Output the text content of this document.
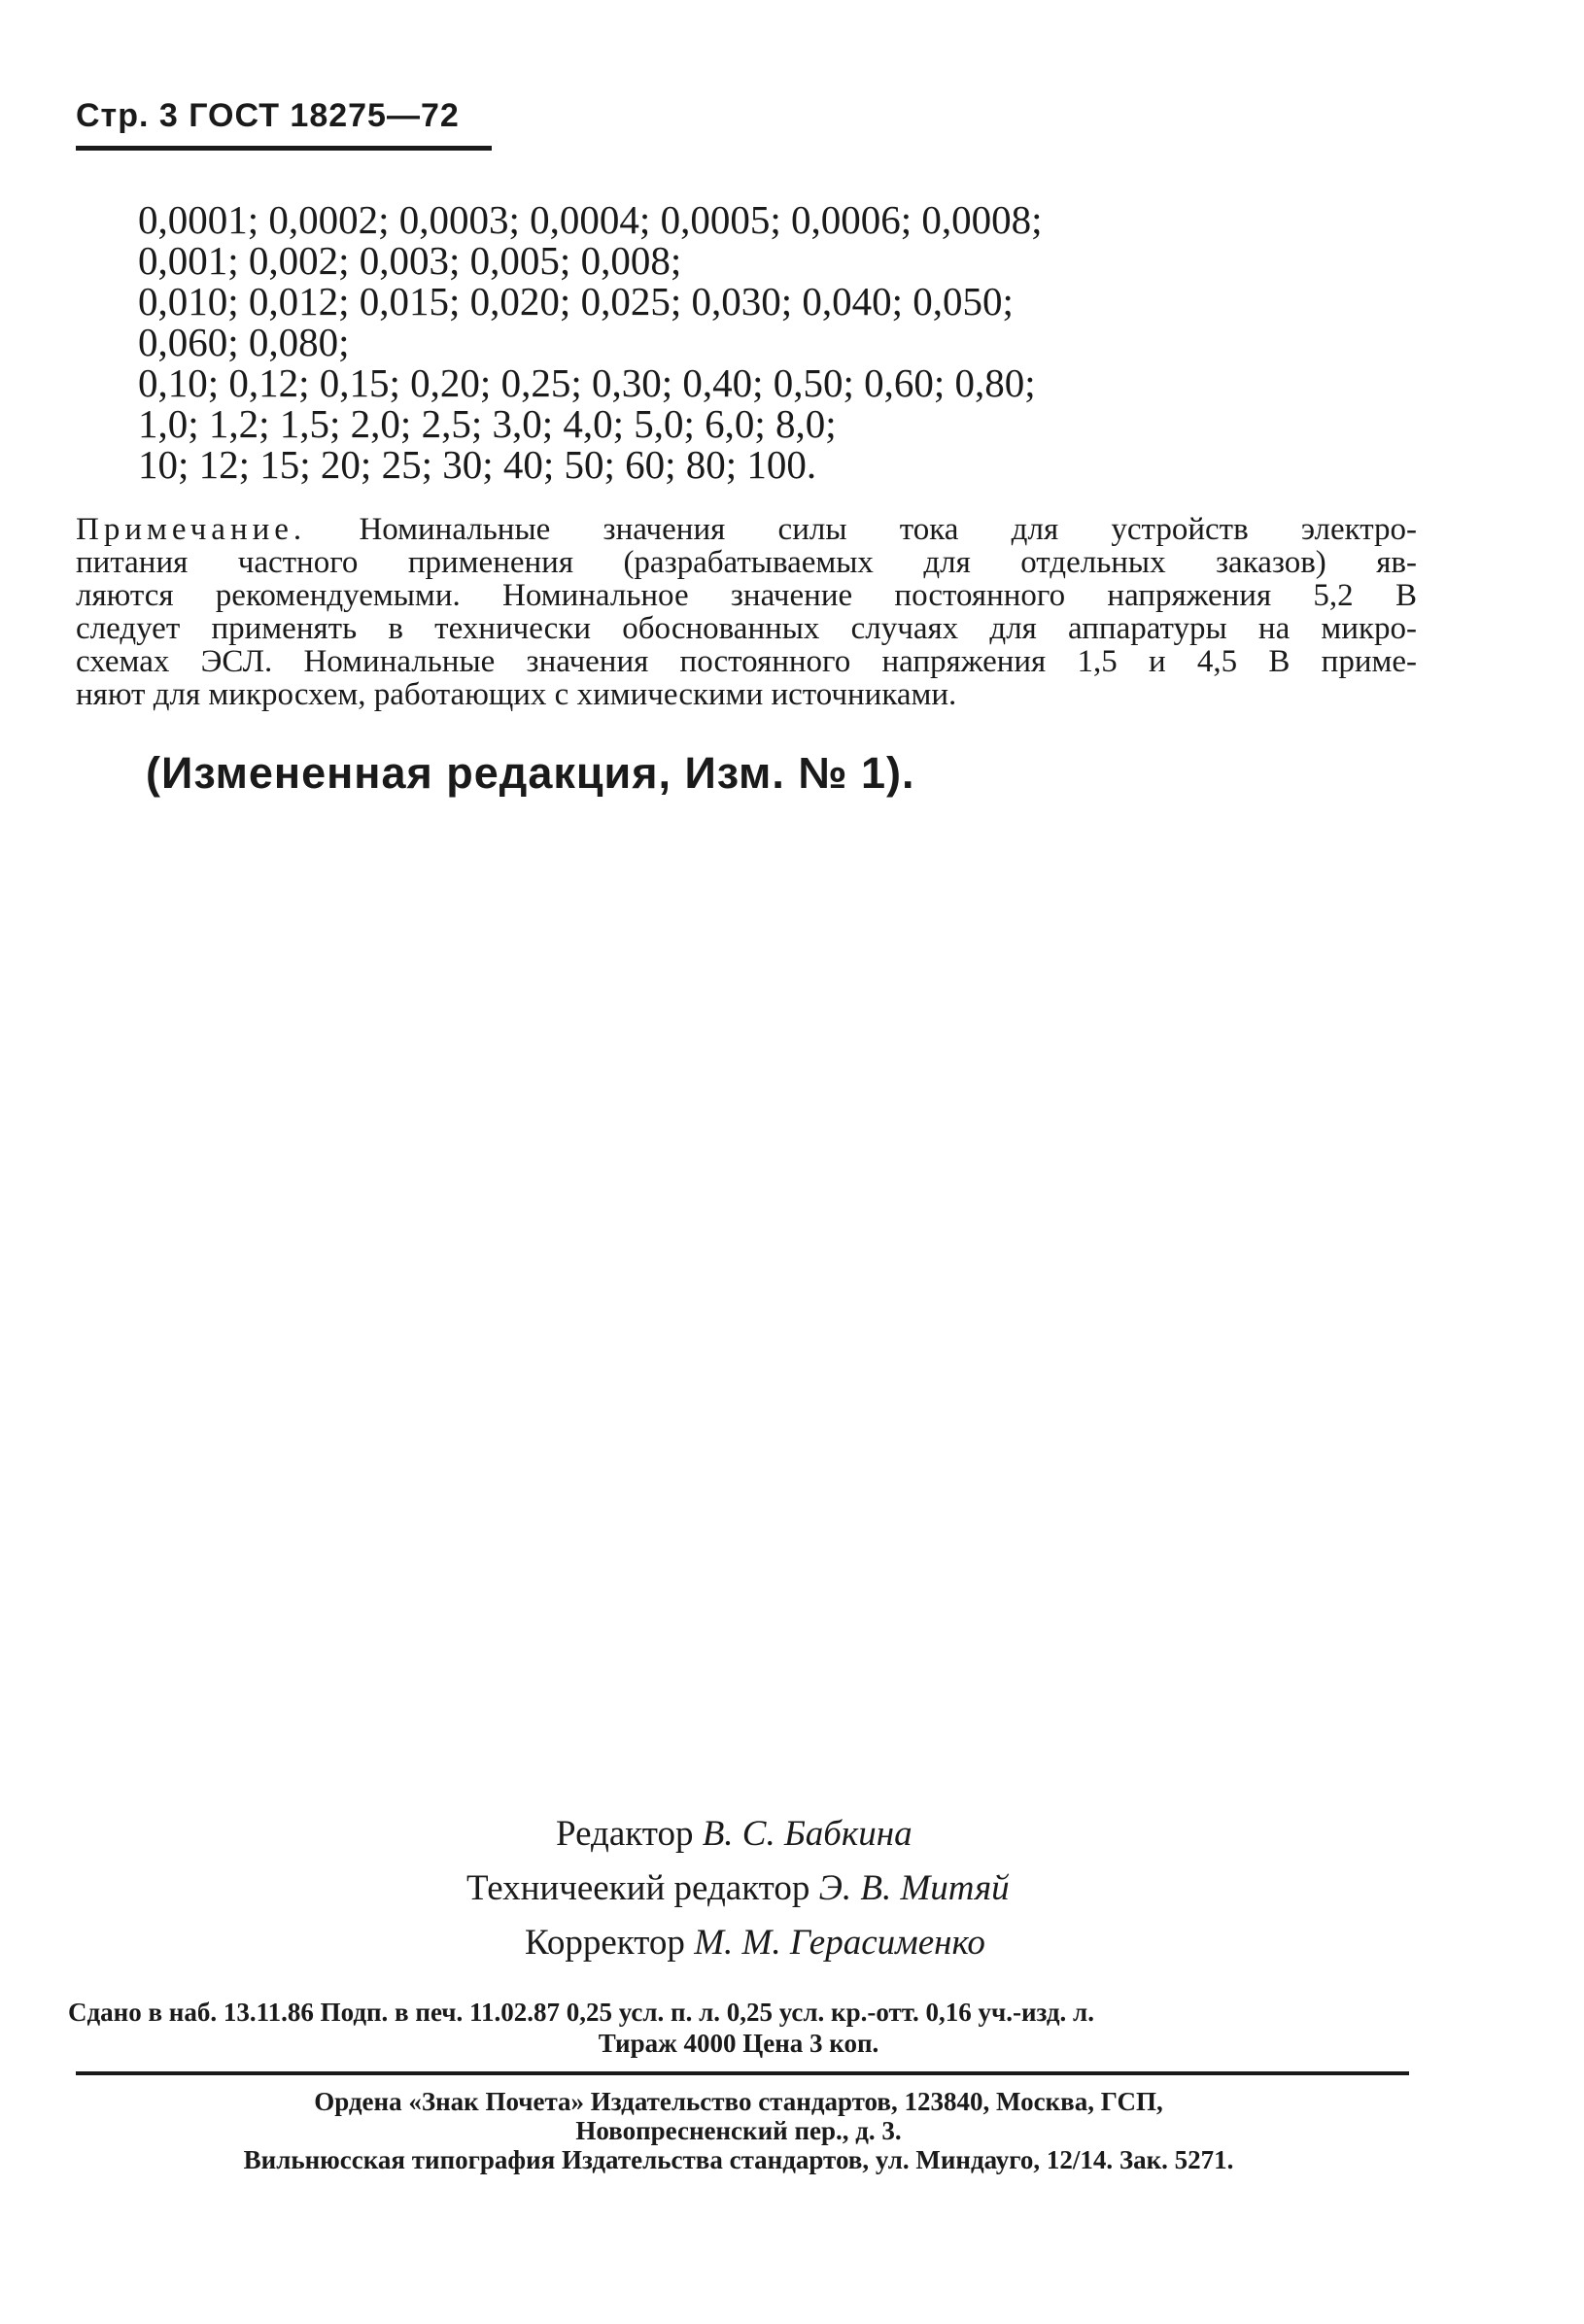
Стр. 3 ГОСТ 18275—72
0,0001; 0,0002; 0,0003; 0,0004; 0,0005; 0,0006; 0,0008;
0,001; 0,002; 0,003; 0,005; 0,008;
0,010; 0,012; 0,015; 0,020; 0,025; 0,030; 0,040; 0,050;
0,060; 0,080;
0,10; 0,12; 0,15; 0,20; 0,25; 0,30; 0,40; 0,50; 0,60; 0,80;
1,0; 1,2; 1,5; 2,0; 2,5; 3,0; 4,0; 5,0; 6,0; 8,0;
10; 12; 15; 20; 25; 30; 40; 50; 60; 80; 100.
Примечание. Номинальные значения силы тока для устройств электро-
питания частного применения (разрабатываемых для отдельных заказов) яв-
ляются рекомендуемыми. Номинальное значение постоянного напряжения 5,2 В
следует применять в технически обоснованных случаях для аппаратуры на микро-
схемах ЭСЛ. Номинальные значения постоянного напряжения 1,5 и 4,5 В приме-
няют для микросхем, работающих с химическими источниками.
(Измененная редакция, Изм. № 1).
Редактор В. С. Бабкина
Техничеекий редактор Э. В. Митяй
Корректор М. М. Герасименко
Сдано в наб. 13.11.86 Подп. в печ. 11.02.87 0,25 усл. п. л. 0,25 усл. кр.-отт. 0,16 уч.-изд. л.
Тираж 4000 Цена 3 коп.
Ордена «Знак Почета» Издательство стандартов, 123840, Москва, ГСП,
Новопресненский пер., д. 3.
Вильнюсская типография Издательства стандартов, ул. Миндауго, 12/14. Зак. 5271.
